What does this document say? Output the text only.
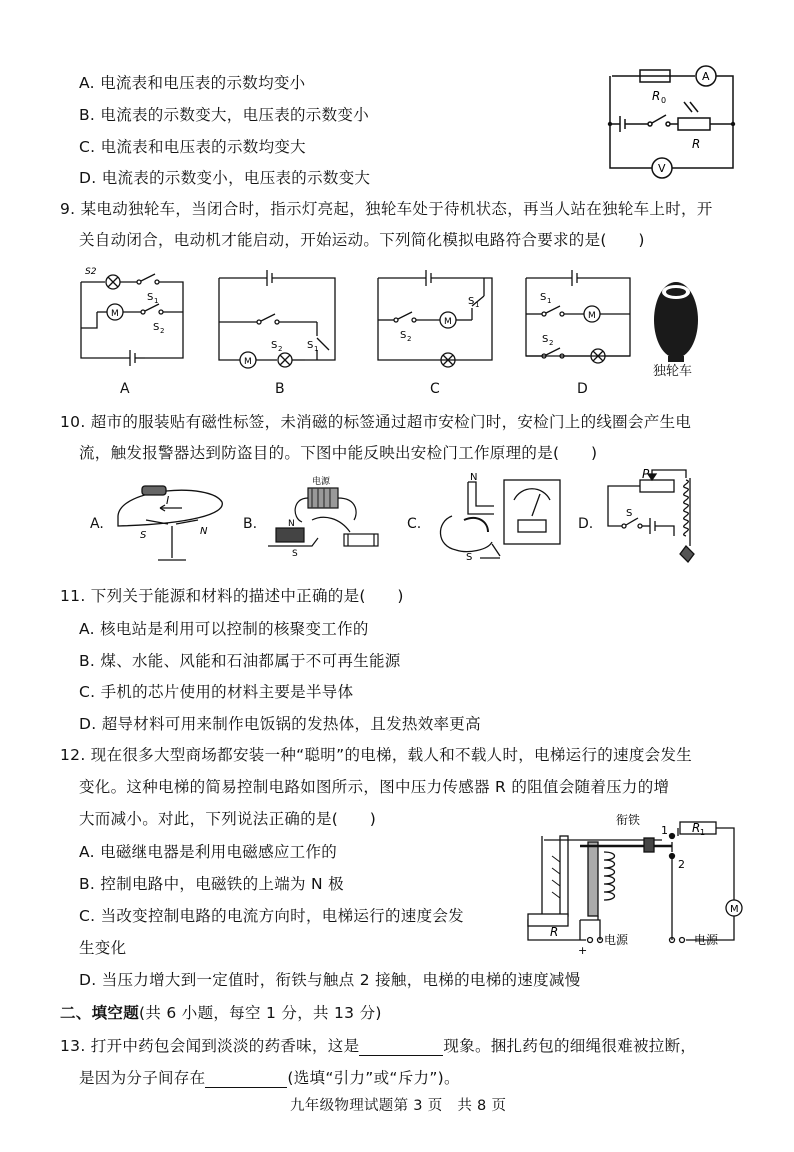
A. 电流表和电压表的示数均变小
B. 电流表的示数变大，电压表的示数变小
C. 电流表和电压表的示数均变大
D. 电流表的示数变小，电压表的示数变大
A
V
R 0
R
9. 某电动独轮车，当闭合时，指示灯亮起，独轮车处于待机状态，再当人站在独轮车上时，开
关自动闭合，电动机才能启动，开始运动。下列简化模拟电路符合要求的是(　　)
M
S 1
S 2
S2
M
S 2 S 1
M
S 1
S 2
M
S 1
S 2
独轮车
A	B	C	D
10. 超市的服装贴有磁性标签，未消磁的标签通过超市安检门时，安检门上的线圈会产生电
流，触发报警器达到防盗目的。下图中能反映出安检门工作原理的是(　　)
A.
I
S	N	B.
电源
N
S
C.
N
S
D.
P
S
11. 下列关于能源和材料的描述中正确的是(　　)
A. 核电站是利用可以控制的核聚变工作的
B. 煤、水能、风能和石油都属于不可再生能源
C. 手机的芯片使用的材料主要是半导体
D. 超导材料可用来制作电饭锅的发热体，且发热效率更高
12. 现在很多大型商场都安装一种“聪明”的电梯，载人和不载人时，电梯运行的速度会发生
变化。这种电梯的简易控制电路如图所示，图中压力传感器 R 的阻值会随着压力的增
大而减小。对此，下列说法正确的是(　　)
A. 电磁继电器是利用电磁感应工作的
B. 控制电路中，电磁铁的上端为 N 极
C. 当改变控制电路的电流方向时，电梯运行的速度会发
生变化
D. 当压力增大到一定值时，衔铁与触点 2 接触，电梯的电梯的速度减慢
衔铁
1
2
R 1
R
M
+
电源	电源
二、填空题(共 6 小题，每空 1 分，共 13 分)
13. 打开中药包会闻到淡淡的药香味，这是	现象。捆扎药包的细绳很难被拉断，
是因为分子间存在	(选填“引力”或“斥力”)。
九年级物理试题第 3 页　共 8 页
